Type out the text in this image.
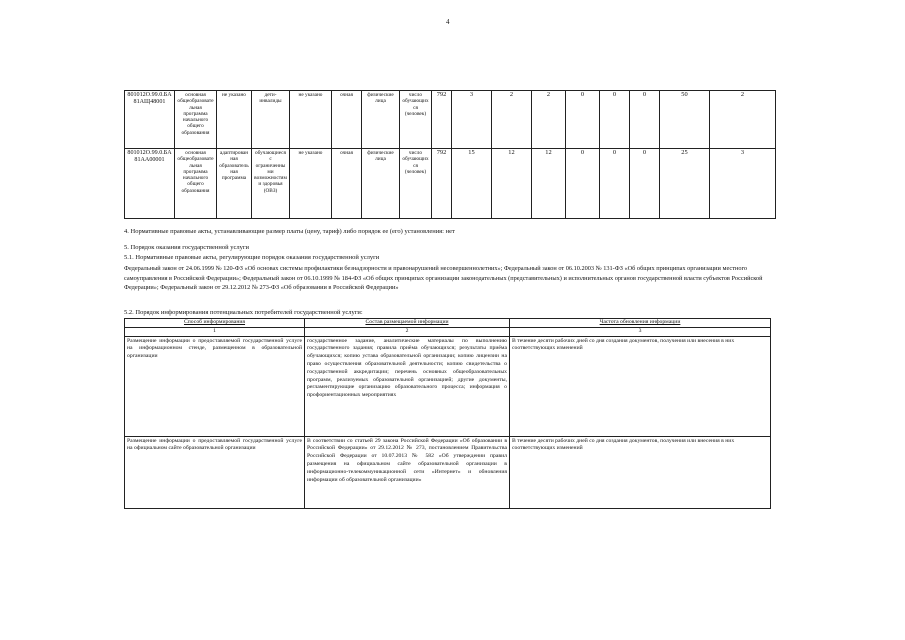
4
801012О.99.0.БА81АЩ48001	основная общеобразовательная программа начального общего образования	не указано	дети-инвалиды	не указано	очная	физические лица	число обучающихся (человек)	792	3	2	2	0	0	0	50	2
801012О.99.0.БА81АА00001	основная общеобразовательная программа начального общего образования	адаптированная образовательная программа	обучающиеся с ограниченными возможностями здоровья (ОВЗ)	не указано	очная	физические лица	число обучающихся (человек)	792	15	12	12	0	0	0	25	3
4. Нормативные правовые акты, устанавливающие размер платы (цену, тариф) либо порядок ее (его) установления: нет
5. Порядок оказания государственной услуги
5.1. Нормативные правовые акты, регулирующие порядок оказания государственной услуги
Федеральный закон от 24.06.1999 № 120-ФЗ «Об основах системы профилактики безнадзорности и правонарушений несовершеннолетних»; Федеральный закон от 06.10.2003 № 131-ФЗ «Об общих принципах организации местного самоуправления в Российской Федерации»; Федеральный закон от 06.10.1999 № 184-ФЗ «Об общих принципах организации законодательных (представительных) и исполнительных органов государственной власти субъектов Российской Федерации»; Федеральный закон от 29.12.2012 № 273-ФЗ «Об образовании в Российской Федерации»
5.2. Порядок информирования потенциальных потребителей государственной услуги:
Способ информирования	Состав размещаемой информации	Частота обновления информации
1	2	3
Размещение информации о предоставляемой государственной услуге на информационном стенде, размещенном в образовательной организации	государственное задание, аналитические материалы по выполнению государственного задания; правила приёма обучающихся; результаты приёма обучающихся; копию устава образовательной организации; копию лицензии на право осуществления образовательной деятельности; копию свидетельства о государственной аккредитации; перечень основных общеобразовательных программ, реализуемых образовательной организацией; другие документы, регламентирующие организацию образовательного процесса; информация о профориентационных мероприятиях	В течение десяти рабочих дней со дня создания документов, получения или внесения в них соответствующих изменений
Размещение информации о предоставляемой государственной услуге на официальном сайте образовательной организации	В соответствии со статьей 29 закона Российской Федерации «Об образовании в Российской Федерации» от 29.12.2012 № 273, постановлением Правительства Российской Федерации от 10.07.2013 № 582 «Об утверждении правил размещения на официальном сайте образовательной организации в информационно-телекоммуникационной сети «Интернет» и обновления информации об образовательной организации»	В течение десяти рабочих дней со дня создания документов, получения или внесения в них соответствующих изменений
